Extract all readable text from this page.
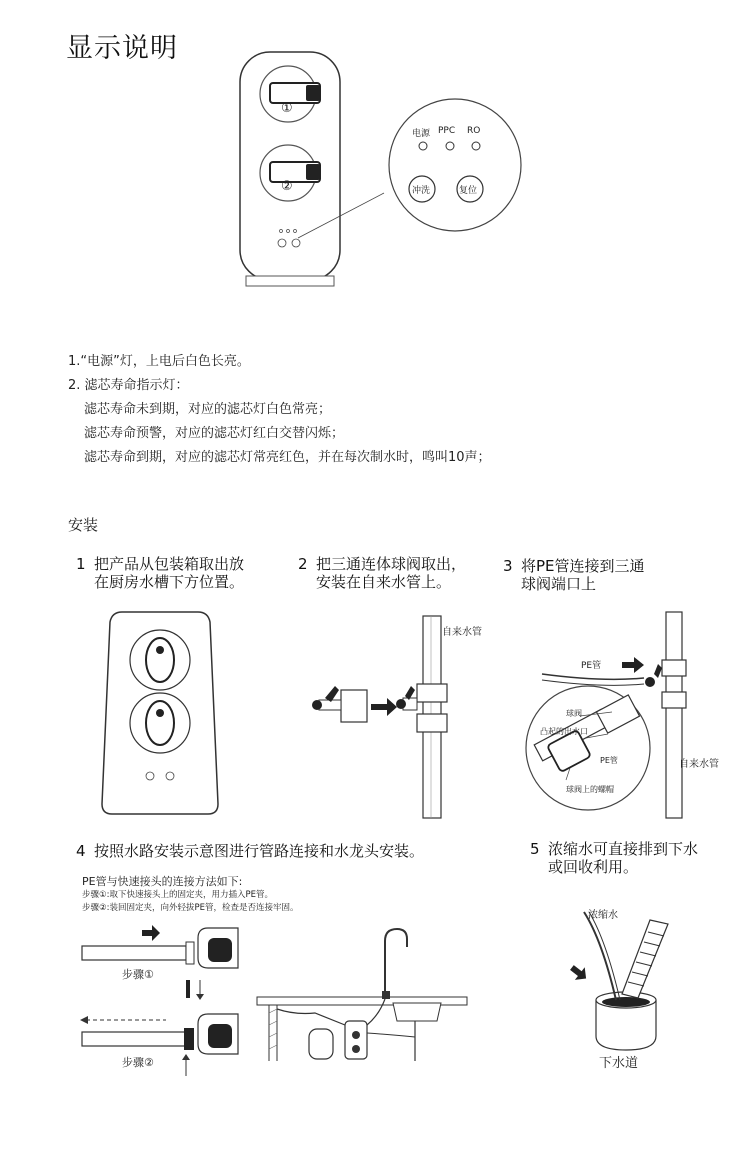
显示说明
①
②
电源 PPC RO
冲洗	复位
1.“电源”灯，上电后白色长亮。
2. 滤芯寿命指示灯：
滤芯寿命未到期，对应的滤芯灯白色常亮；
滤芯寿命预警，对应的滤芯灯红白交替闪烁；
滤芯寿命到期，对应的滤芯灯常亮红色，并在每次制水时，鸣叫10声；
安装
1 把产品从包装箱取出放
在厨房水槽下方位置。
2 把三通连体球阀取出，
安装在自来水管上。
3 将PE管连接到三通
球阀端口上
自来水管
PE管
球阀
凸起的出水口
PE管
球阀上的螺帽
自来水管
4 按照水路安装示意图进行管路连接和水龙头安装。	5 浓缩水可直接排到下水
或回收利用。
PE管与快速接头的连接方法如下:
步骤①:取下快速接头上的固定夹，用力插入PE管。
步骤②:装回固定夹，向外轻拔PE管，检查是否连接牢固。
步骤①
步骤②
浓缩水
下水道
